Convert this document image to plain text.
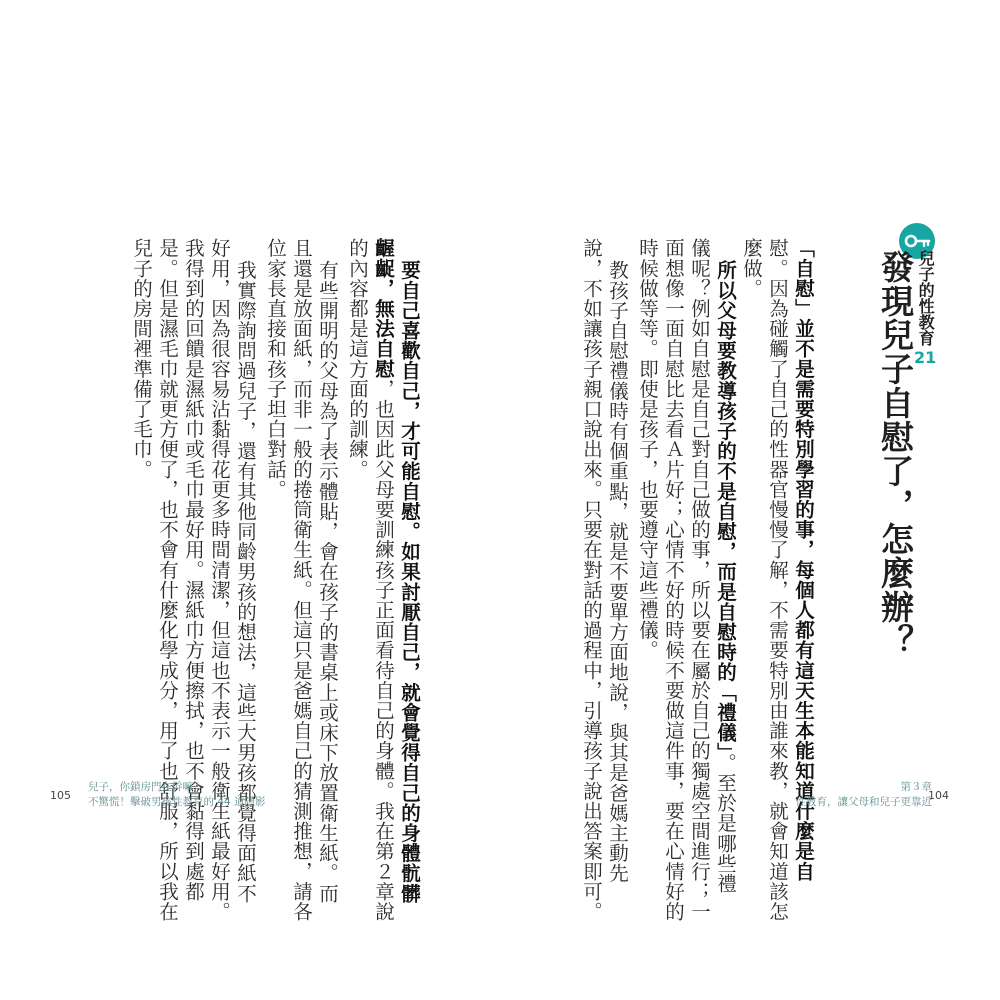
兒子的性教育21
發現兒子自慰了，怎麼辦？
「自慰」並不是需要特別學習的事，每個人都有這天生本能知道什麼是自
慰。因為碰觸了自己的性器官慢慢了解，不需要特別由誰來教，就會知道該怎
麼做。
所以父母要教導孩子的不是自慰，而是自慰時的「禮儀」。至於是哪些禮
儀呢？例如自慰是自己對自己做的事，所以要在屬於自己的獨處空間進行；一
面想像一面自慰比去看Ａ片好；心情不好的時候不要做這件事，要在心情好的
時候做等等。即使是孩子，也要遵守這些禮儀。
教孩子自慰禮儀時有個重點，就是不要單方面地說，與其是爸媽主動先
說，不如讓孩子親口說出來。只要在對話的過程中，引導孩子說出答案即可。
要自己喜歡自己，才可能自慰。如果討厭自己，就會覺得自己的身體骯髒
齷齪，無法自慰，也因此父母要訓練孩子正面看待自己的身體。我在第２章說
的內容都是這方面的訓練。
有些開明的父母為了表示體貼，會在孩子的書桌上或床下放置衛生紙。而
且還是放面紙，而非一般的捲筒衛生紙。但這只是爸媽自己的猜測推想，請各
位家長直接和孩子坦白對話。
我實際詢問過兒子，還有其他同齡男孩的想法，這些大男孩都覺得面紙不
好用，因為很容易沾黏得花更多時間清潔，但這也不表示一般衛生紙最好用。
我得到的回饋是濕紙巾或毛巾最好用。濕紙巾方便擦拭，也不會黏得到處都
是。但是濕毛巾就更方便了，也不會有什麼化學成分，用了也舒服，所以我在
兒子的房間裡準備了毛巾。
105
兒子，你鎖房門在幹嘛？
不驚慌！擊破男孩性教育的 44 道隱影
第３章
性教育，讓父母和兒子更靠近
104
